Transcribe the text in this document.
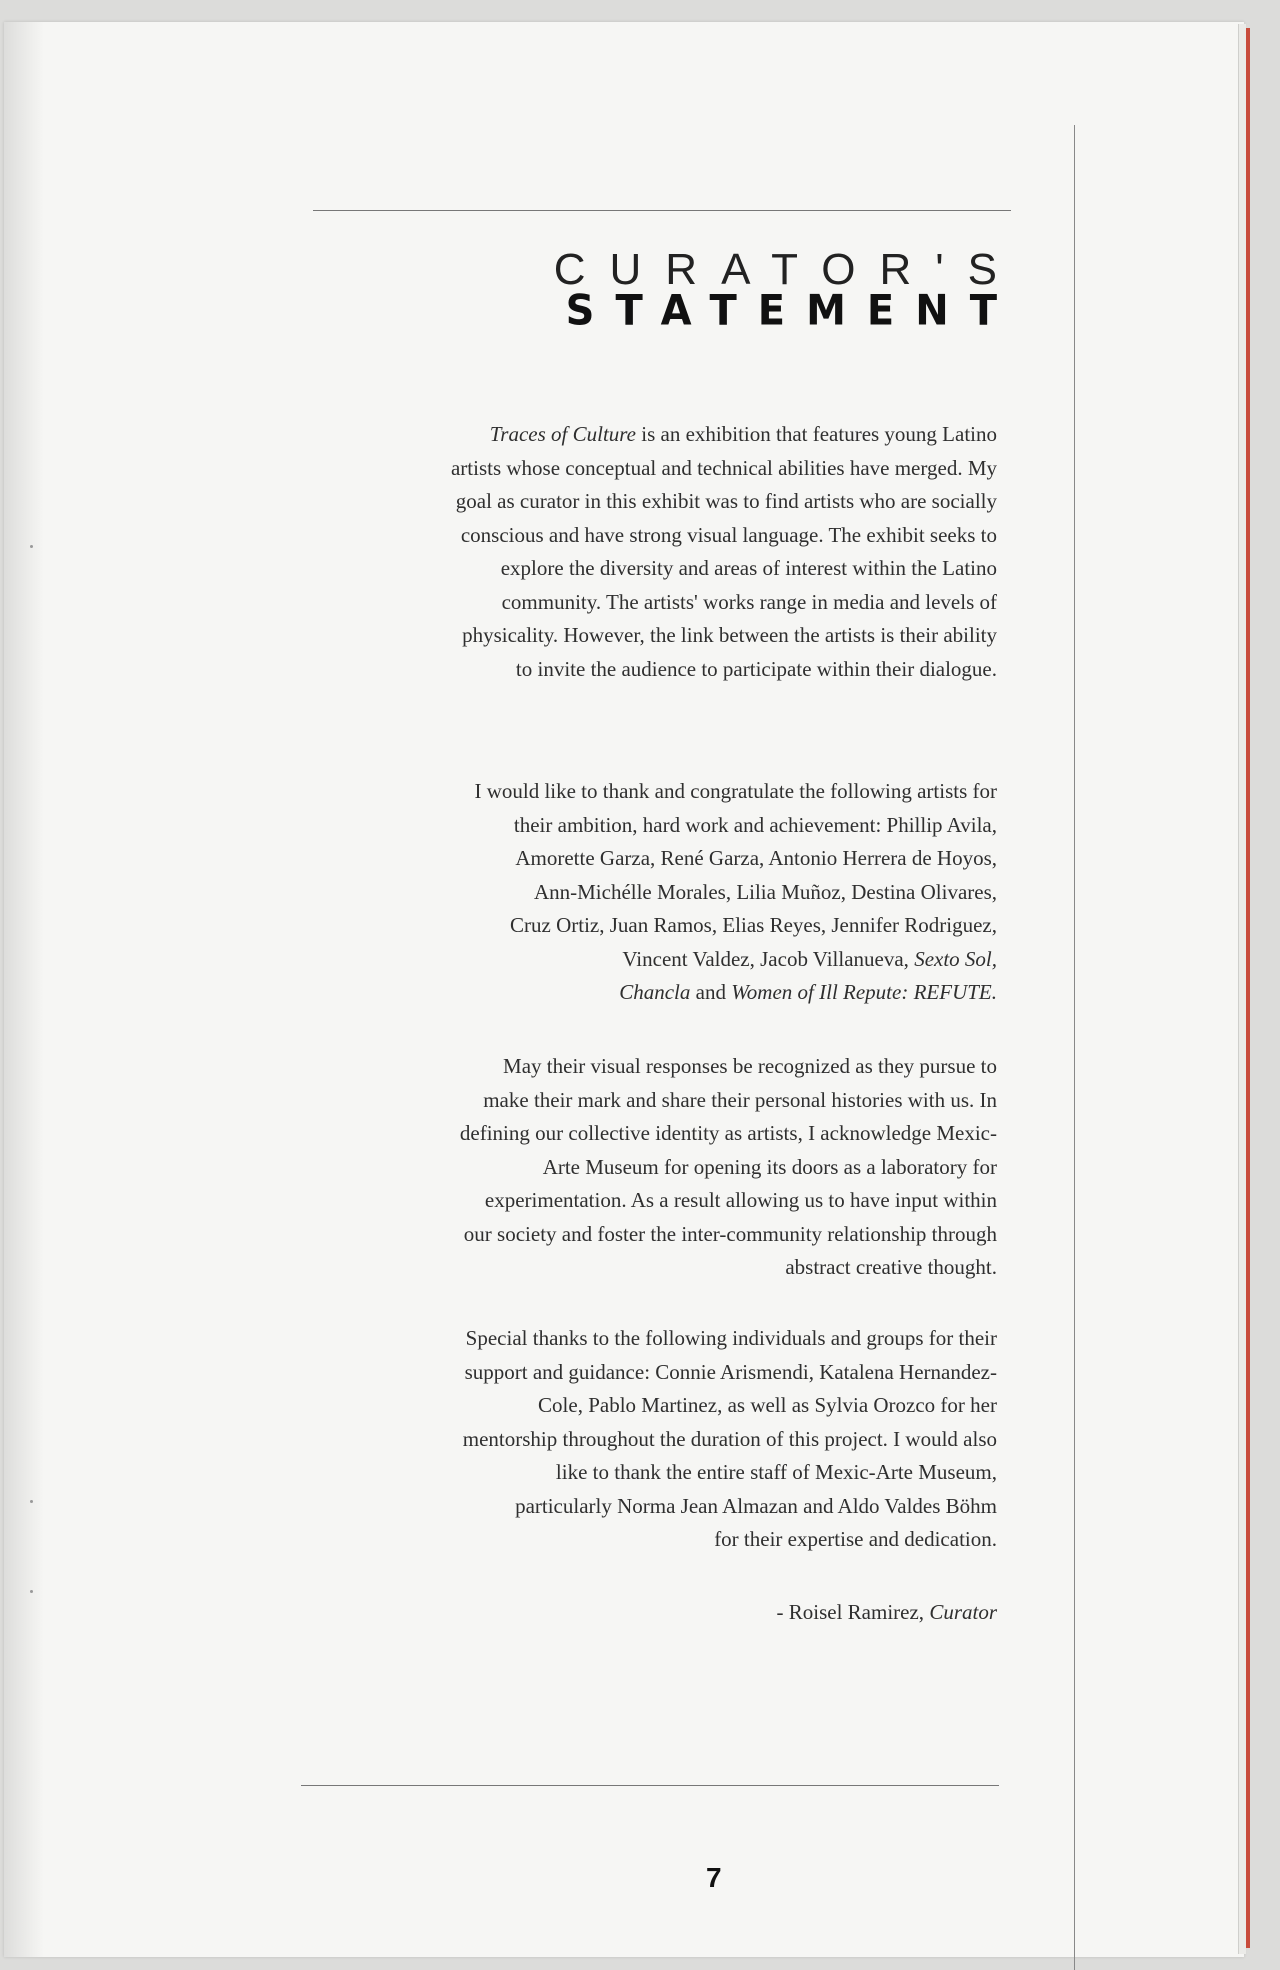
CURATOR'S
STATEMENT
Traces of Culture is an exhibition that features young Latino
artists whose conceptual and technical abilities have merged. My
goal as curator in this exhibit was to find artists who are socially
conscious and have strong visual language. The exhibit seeks to
explore the diversity and areas of interest within the Latino
community. The artists' works range in media and levels of
physicality. However, the link between the artists is their ability
to invite the audience to participate within their dialogue.
I would like to thank and congratulate the following artists for
their ambition, hard work and achievement: Phillip Avila,
Amorette Garza, René Garza, Antonio Herrera de Hoyos,
Ann-Michélle Morales, Lilia Muñoz, Destina Olivares,
Cruz Ortiz, Juan Ramos, Elias Reyes, Jennifer Rodriguez,
Vincent Valdez, Jacob Villanueva, Sexto Sol,
Chancla and Women of Ill Repute: REFUTE.
May their visual responses be recognized as they pursue to
make their mark and share their personal histories with us. In
defining our collective identity as artists, I acknowledge Mexic-
Arte Museum for opening its doors as a laboratory for
experimentation. As a result allowing us to have input within
our society and foster the inter-community relationship through
abstract creative thought.
Special thanks to the following individuals and groups for their
support and guidance: Connie Arismendi, Katalena Hernandez-
Cole, Pablo Martinez, as well as Sylvia Orozco for her
mentorship throughout the duration of this project. I would also
like to thank the entire staff of Mexic-Arte Museum,
particularly Norma Jean Almazan and Aldo Valdes Böhm
for their expertise and dedication.
- Roisel Ramirez, Curator
7
